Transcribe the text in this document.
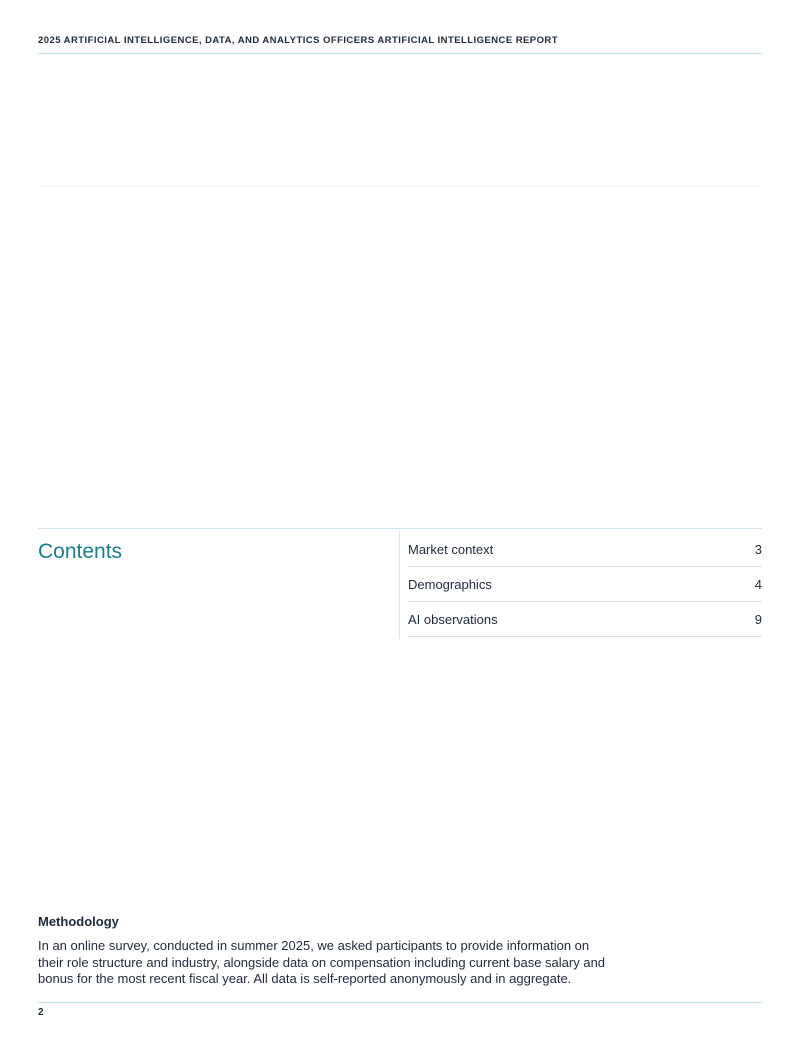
2025 ARTIFICIAL INTELLIGENCE, DATA, AND ANALYTICS OFFICERS ARTIFICIAL INTELLIGENCE REPORT
Contents	Market context	3
Demographics	4
AI observations	9
Methodology

In an online survey, conducted in summer 2025, we asked participants to provide information on their role structure and industry, alongside data on compensation including current base salary and bonus for the most recent fiscal year. All data is self-reported anonymously and in aggregate.

2
